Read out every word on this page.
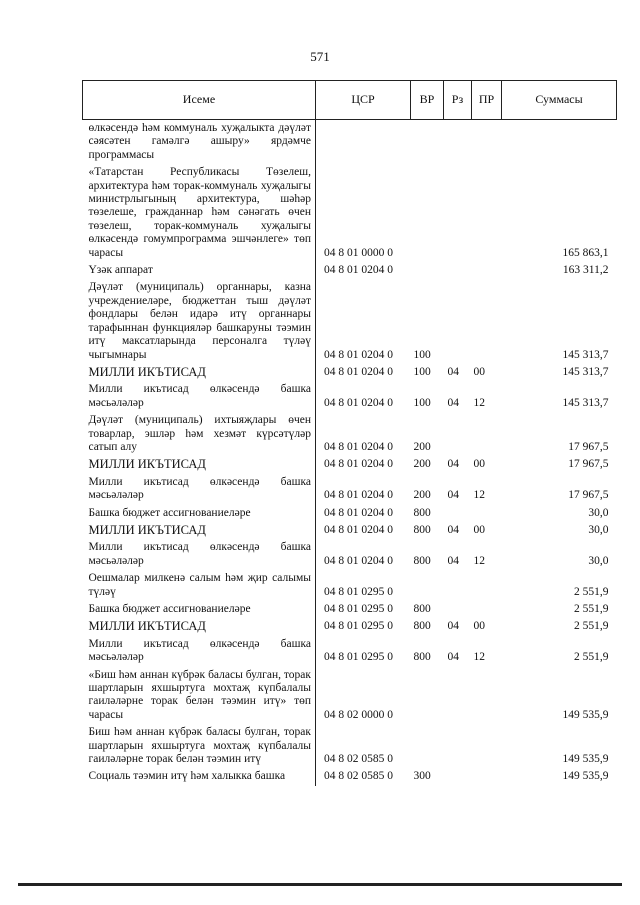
571
Исеме	ЦСР	ВР	Рз	ПР	Суммасы
өлкәсендә һәм коммуналь хуҗалыкта дәүләт сәясәтен гамәлгә ашыру» ярдәмче программасы					
«Татарстан Республикасы Төзелеш, архитектура һәм торак-коммуналь хуҗалыгы министрлыгының архитектура, шәһәр төзелеше, гражданнар һәм сәнәгать өчен төзелеш, торак-коммуналь хуҗалыгы өлкәсендә гомумпрограмма эшчәнлеге» төп чарасы	04 8 01 0000 0				165 863,1
Үзәк аппарат	04 8 01 0204 0				163 311,2
Дәүләт (муниципаль) органнары, казна учреждениеләре, бюджеттан тыш дәүләт фондлары белән идарә итү органнары тарафыннан функцияләр башкаруны тәэмин итү максатларында персоналга түләү чыгымнары	04 8 01 0204 0	100			145 313,7
МИЛЛИ ИКЪТИСАД	04 8 01 0204 0	100	04	00	145 313,7
Милли икътисад өлкәсендә башка мәсьәләләр	04 8 01 0204 0	100	04	12	145 313,7
Дәүләт (муниципаль) ихтыяҗлары өчен товарлар, эшләр һәм хезмәт күрсәтүләр сатып алу	04 8 01 0204 0	200			17 967,5
МИЛЛИ ИКЪТИСАД	04 8 01 0204 0	200	04	00	17 967,5
Милли икътисад өлкәсендә башка мәсьәләләр	04 8 01 0204 0	200	04	12	17 967,5
Башка бюджет ассигнованиеләре	04 8 01 0204 0	800			30,0
МИЛЛИ ИКЪТИСАД	04 8 01 0204 0	800	04	00	30,0
Милли икътисад өлкәсендә башка мәсьәләләр	04 8 01 0204 0	800	04	12	30,0
Оешмалар милкенә салым һәм җир салымы түләү	04 8 01 0295 0				2 551,9
Башка бюджет ассигнованиеләре	04 8 01 0295 0	800			2 551,9
МИЛЛИ ИКЪТИСАД	04 8 01 0295 0	800	04	00	2 551,9
Милли икътисад өлкәсендә башка мәсьәләләр	04 8 01 0295 0	800	04	12	2 551,9
«Биш һәм аннан күбрәк баласы булган, торак шартларын яхшыртуга мохтаҗ күпбалалы гаиләләрне торак белән тәэмин итү» төп чарасы	04 8 02 0000 0				149 535,9
Биш һәм аннан күбрәк баласы булган, торак шартларын яхшыртуга мохтаҗ күпбалалы гаиләләрне торак белән тәэмин итү	04 8 02 0585 0				149 535,9
Социаль тәэмин итү һәм халыкка башка	04 8 02 0585 0	300			149 535,9
